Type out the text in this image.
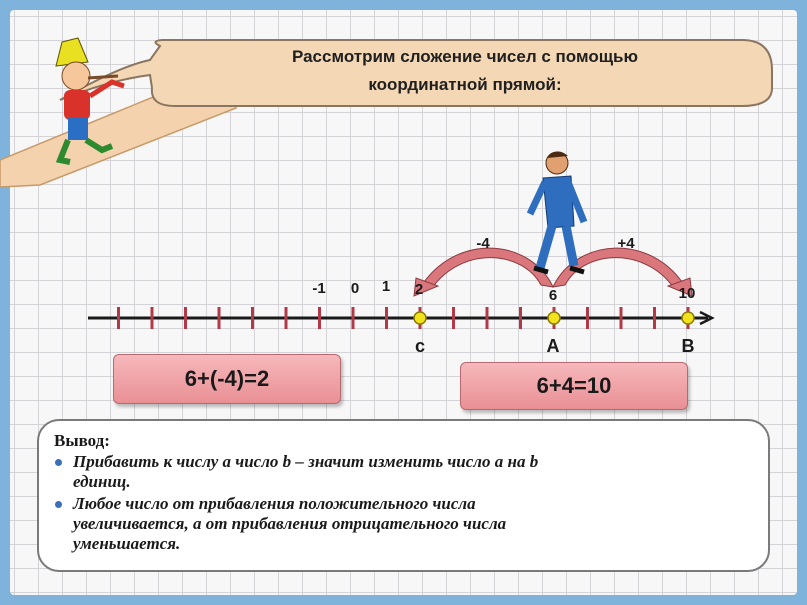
Рассмотрим сложение чисел с помощью
координатной прямой:
-4	+4
-1 0 1 2	6	10
с	А	В
6+(-4)=2	6+4=10
Вывод:
Прибавить к числу a число b – значит изменить число a на b
единиц.
Любое число от прибавления положительного числа
увеличивается, а от прибавления отрицательного числа
уменьшается.
